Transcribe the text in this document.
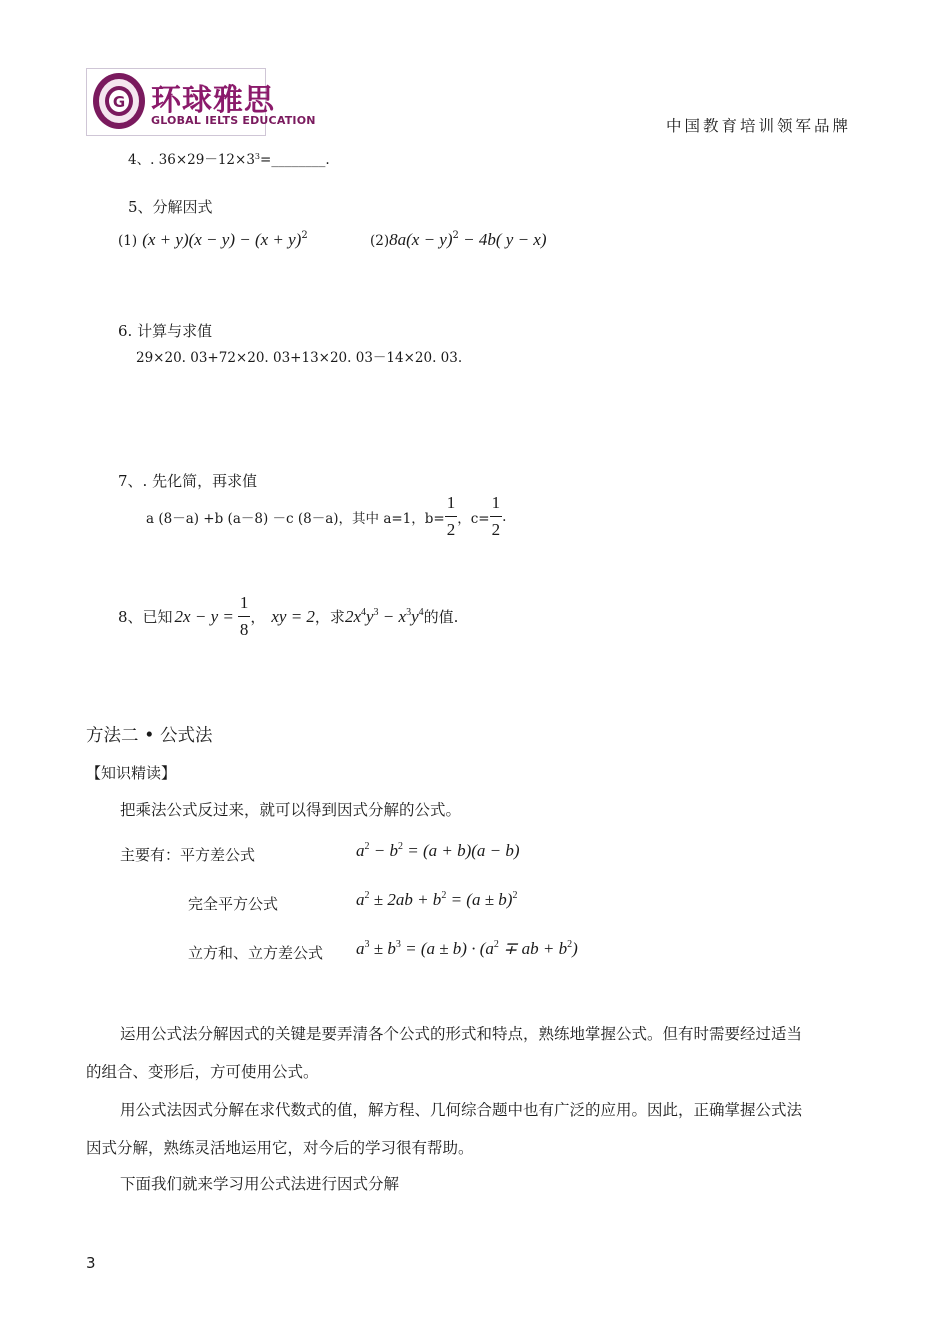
G 环球雅思
GLOBAL IELTS EDUCATION	中国教育培训领军品牌
4、. $36\times 29-12\times 3^3=\_\_\_\_\_\_\_\_$.
5、分解因式
(1) $(x + y)(x - y) - (x + y)^2$	$(2)8a(x - y)^2 - 4b$( y − x)
6. 计算与求值
29×20. 03+72×20. 03+13×20. 03－14×20. 03.
7、. 先化简，再求值
a (8－a) +b (a－8) －c (8－a)，其中 a=1，$b= \frac{1}{2}$ ，$c= \frac{1}{2}$ .
8、已知 $2x - y = \frac{1}{8}$ ， xy = 2 ，求 $2x^4y^3 - x^3y^4$ 的值.
方法二 • 公式法
【知识精读】
把乘法公式反过来，就可以得到因式分解的公式。
主要有：平方差公式	$a^2 - b^2 = (a + b)(a - b)$
完全平方公式	$a^2 \pm 2ab + b^2 = (a \pm b)^2$
立方和、立方差公式 $a^3 \pm b^3 = (a \pm b) \cdot (a^2$ ∓ ab + $b^2$)
运用公式法分解因式的关键是要弄清各个公式的形式和特点，熟练地掌握公式。但有时需要经过适当
的组合、变形后，方可使用公式。
用公式法因式分解在求代数式的值，解方程、几何综合题中也有广泛的应用。因此，正确掌握公式法
因式分解，熟练灵活地运用它，对今后的学习很有帮助。
下面我们就来学习用公式法进行因式分解
3
